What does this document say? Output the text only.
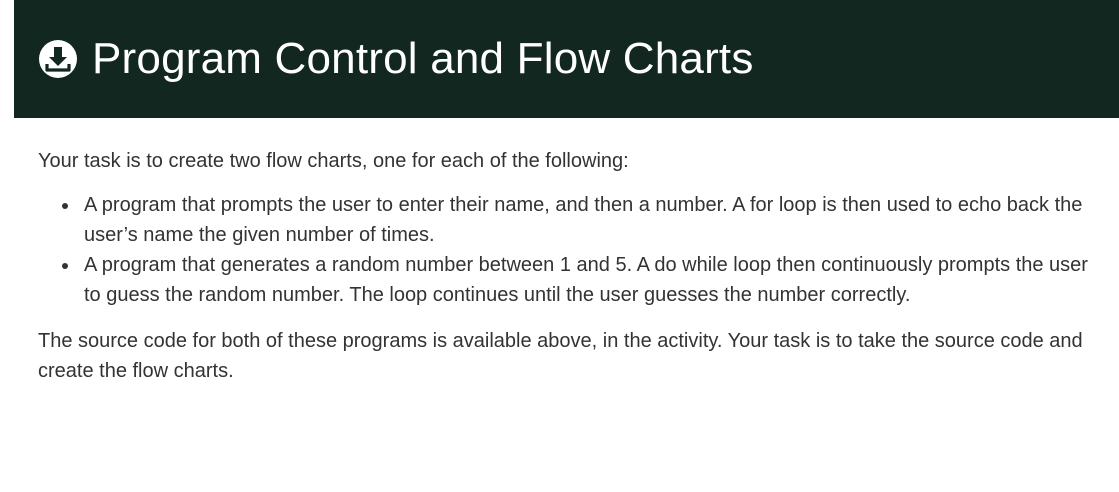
Program Control and Flow Charts

Your task is to create two flow charts, one for each of the following:

A program that prompts the user to enter their name, and then a number. A for loop is then used to echo back the user’s name the given number of times.
A program that generates a random number between 1 and 5. A do while loop then continuously prompts the user to guess the random number. The loop continues until the user guesses the number correctly.

The source code for both of these programs is available above, in the activity. Your task is to take the source code and create the flow charts.
